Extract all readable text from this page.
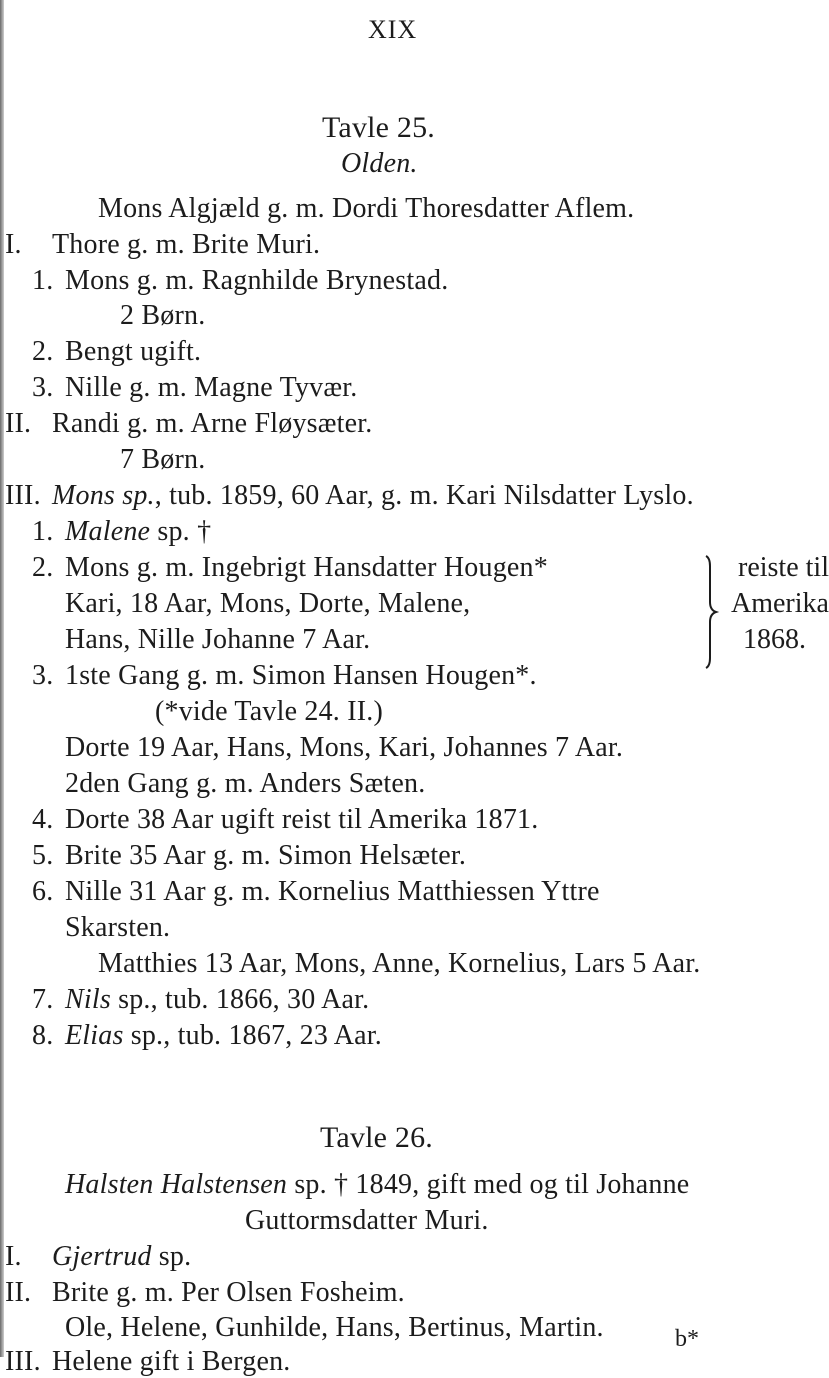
XIX
Tavle 25.
Olden.
Mons Algjæld g. m. Dordi Thoresdatter Aflem.
I. Thore g. m. Brite Muri.
1. Mons g. m. Ragnhilde Brynestad.
2 Børn.
2. Bengt ugift.
3. Nille g. m. Magne Tyvær.
II. Randi g. m. Arne Fløysæter.
7 Børn.
III. Mons sp., tub. 1859, 60 Aar, g. m. Kari Nilsdatter Lyslo.
1. Malene sp. †
2. Mons g. m. Ingebrigt Hansdatter Hougen*
Kari, 18 Aar, Mons, Dorte, Malene,
Hans, Nille Johanne 7 Aar.
reiste til
Amerika
1868.
3. 1ste Gang g. m. Simon Hansen Hougen*.
(*vide Tavle 24. II.)
Dorte 19 Aar, Hans, Mons, Kari, Johannes 7 Aar.
2den Gang g. m. Anders Sæten.
4. Dorte 38 Aar ugift reist til Amerika 1871.
5. Brite 35 Aar g. m. Simon Helsæter.
6. Nille 31 Aar g. m. Kornelius Matthiessen Yttre
Skarsten.
Matthies 13 Aar, Mons, Anne, Kornelius, Lars 5 Aar.
7. Nils sp., tub. 1866, 30 Aar.
8. Elias sp., tub. 1867, 23 Aar.
Tavle 26.
Halsten Halstensen sp. † 1849, gift med og til Johanne
Guttormsdatter Muri.
I. Gjertrud sp.
II. Brite g. m. Per Olsen Fosheim.
Ole, Helene, Gunhilde, Hans, Bertinus, Martin.
III. Helene gift i Bergen.
b*
